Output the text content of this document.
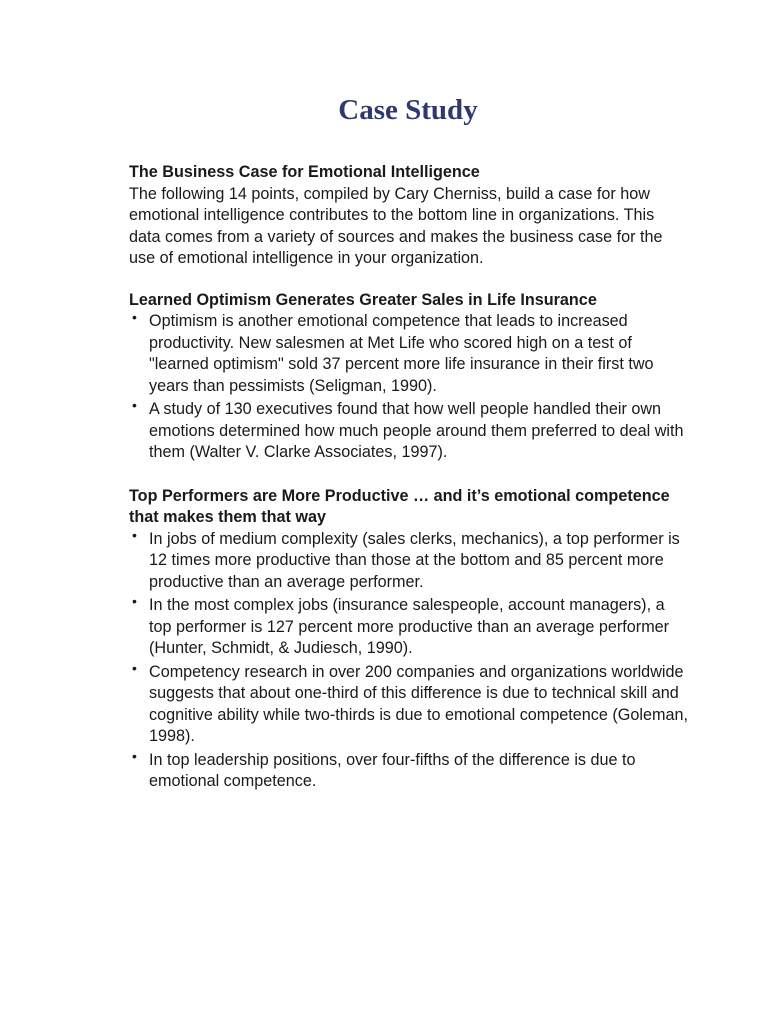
Case Study

The Business Case for Emotional Intelligence

The following 14 points, compiled by Cary Cherniss, build a case for how emotional intelligence contributes to the bottom line in organizations. This data comes from a variety of sources and makes the business case for the use of emotional intelligence in your organization.

Learned Optimism Generates Greater Sales in Life Insurance

• Optimism is another emotional competence that leads to increased productivity. New salesmen at Met Life who scored high on a test of "learned optimism" sold 37 percent more life insurance in their first two years than pessimists (Seligman, 1990).
• A study of 130 executives found that how well people handled their own emotions determined how much people around them preferred to deal with them (Walter V. Clarke Associates, 1997).

Top Performers are More Productive … and it’s emotional competence that makes them that way

• In jobs of medium complexity (sales clerks, mechanics), a top performer is 12 times more productive than those at the bottom and 85 percent more productive than an average performer.
• In the most complex jobs (insurance salespeople, account managers), a top performer is 127 percent more productive than an average performer (Hunter, Schmidt, & Judiesch, 1990).
• Competency research in over 200 companies and organizations worldwide suggests that about one-third of this difference is due to technical skill and cognitive ability while two-thirds is due to emotional competence (Goleman, 1998).
• In top leadership positions, over four-fifths of the difference is due to emotional competence.
